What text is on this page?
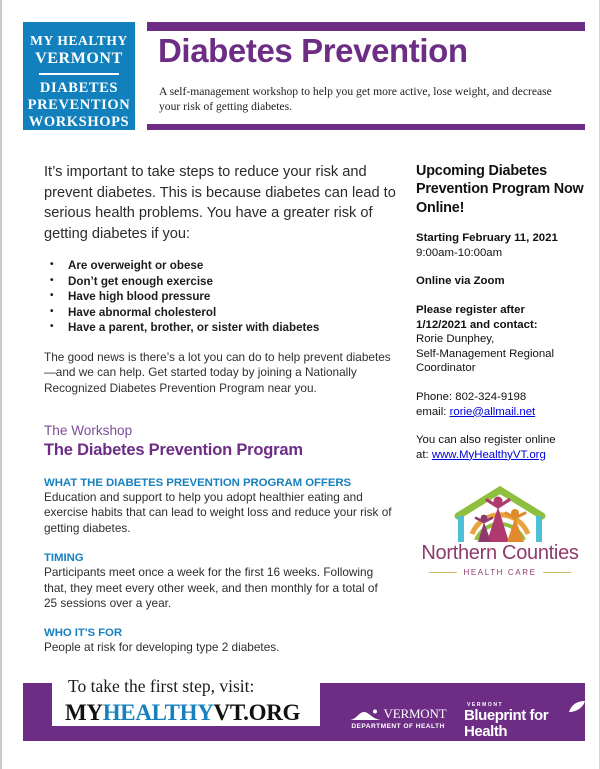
MY HEALTHY
VERMONT
DIABETES
PREVENTION
WORKSHOPS
Diabetes Prevention
A self-management workshop to help you get more active, lose weight, and decrease your risk of getting diabetes.

It’s important to take steps to reduce your risk and prevent diabetes. This is because diabetes can lead to serious health problems. You have a greater risk of getting diabetes if you:

• Are overweight or obese
• Don’t get enough exercise
• Have high blood pressure
• Have abnormal cholesterol
• Have a parent, brother, or sister with diabetes

The good news is there’s a lot you can do to help prevent diabetes—and we can help. Get started today by joining a Nationally Recognized Diabetes Prevention Program near you.

The Workshop
The Diabetes Prevention Program
WHAT THE DIABETES PREVENTION PROGRAM OFFERS
Education and support to help you adopt healthier eating and exercise habits that can lead to weight loss and reduce your risk of getting diabetes.
TIMING
Participants meet once a week for the first 16 weeks. Following that, they meet every other week, and then monthly for a total of 25 sessions over a year.
WHO IT'S FOR
People at risk for developing type 2 diabetes.
Upcoming Diabetes Prevention Program Now Online!
Starting February 11, 2021
9:00am-10:00am
Online via Zoom
Please register after
1/12/2021 and contact:
Rorie Dunphey,
Self-Management Regional
Coordinator
Phone: 802-324-9198
email: rorie@allmail.net
You can also register online
at: www.MyHealthyVT.org
Northern Counties
HEALTH CARE
To take the first step, visit:
MYHEALTHYVT.ORG	VERMONT
DEPARTMENT OF HEALTH
VERMONT
Blueprint for Health
Smart choices. Powerful tools.
